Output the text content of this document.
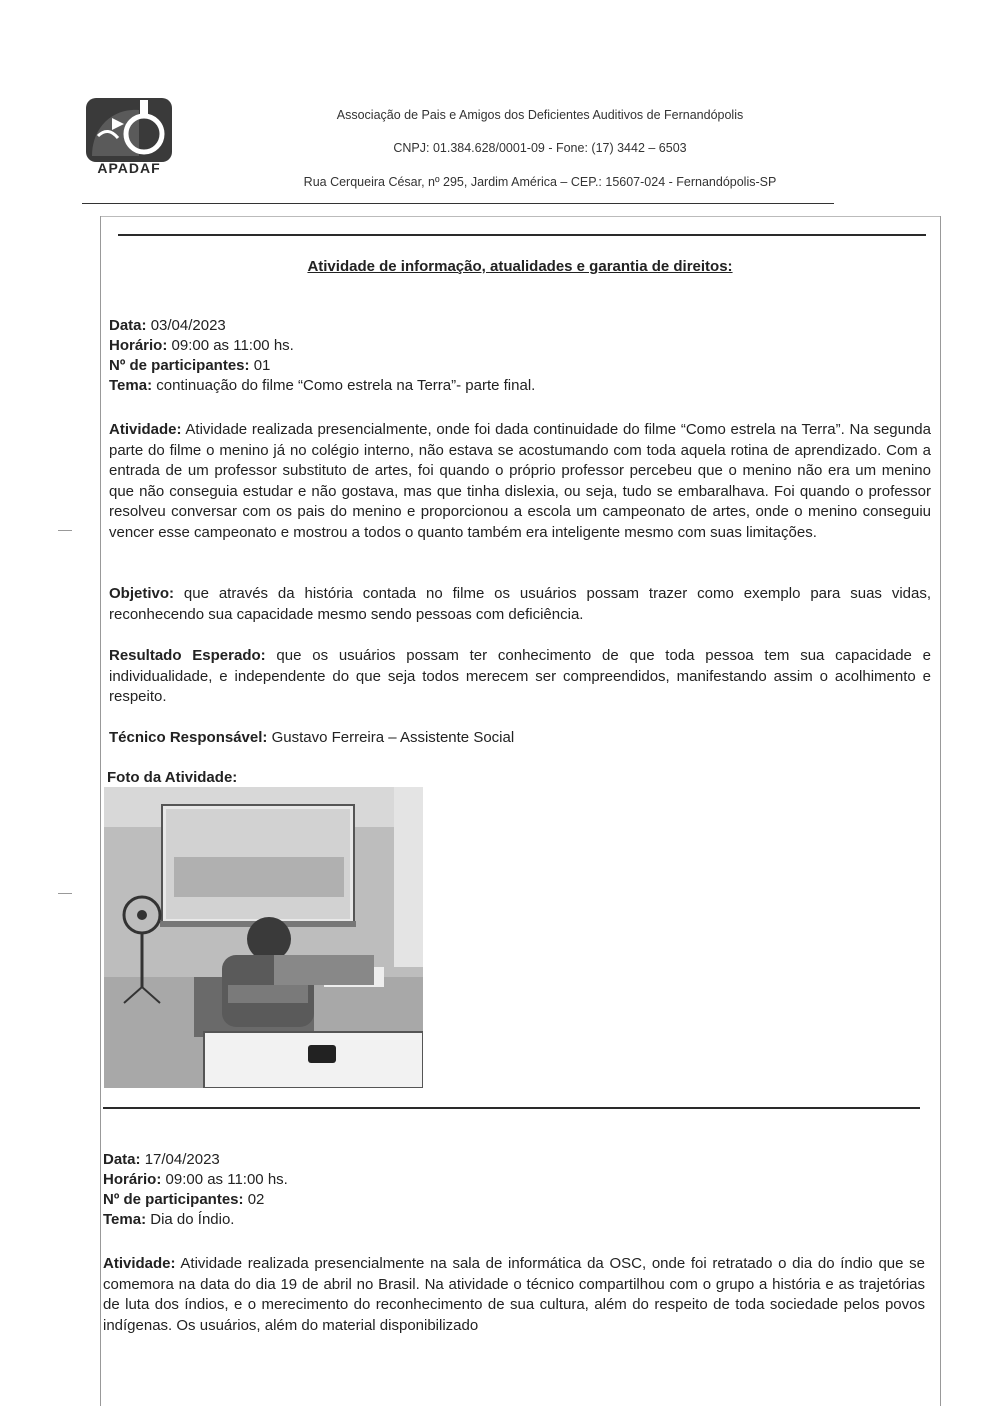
APADAF
Associação de Pais e Amigos dos Deficientes Auditivos de Fernandópolis
CNPJ: 01.384.628/0001-09 - Fone: (17) 3442 – 6503
Rua Cerqueira César, nº 295, Jardim América – CEP.: 15607-024 - Fernandópolis-SP
Atividade de informação, atualidades e garantia de direitos:
Data: 03/04/2023
Horário: 09:00 as 11:00 hs.
Nº de participantes: 01
Tema: continuação do filme “Como estrela na Terra”- parte final.
Atividade: Atividade realizada presencialmente, onde foi dada continuidade do filme “Como estrela na Terra”. Na segunda parte do filme o menino já no colégio interno, não estava se acostumando com toda aquela rotina de aprendizado. Com a entrada de um professor substituto de artes, foi quando o próprio professor percebeu que o menino não era um menino que não conseguia estudar e não gostava, mas que tinha dislexia, ou seja, tudo se embaralhava. Foi quando o professor resolveu conversar com os pais do menino e proporcionou a escola um campeonato de artes, onde o menino conseguiu vencer esse campeonato e mostrou a todos o quanto também era inteligente mesmo com suas limitações.
Objetivo: que através da história contada no filme os usuários possam trazer como exemplo para suas vidas, reconhecendo sua capacidade mesmo sendo pessoas com deficiência.
Resultado Esperado: que os usuários possam ter conhecimento de que toda pessoa tem sua capacidade e individualidade, e independente do que seja todos merecem ser compreendidos, manifestando assim o acolhimento e respeito.
Técnico Responsável: Gustavo Ferreira – Assistente Social
Foto da Atividade:
Data: 17/04/2023
Horário: 09:00 as 11:00 hs.
Nº de participantes: 02
Tema: Dia do Índio.
Atividade: Atividade realizada presencialmente na sala de informática da OSC, onde foi retratado o dia do índio que se comemora na data do dia 19 de abril no Brasil. Na atividade o técnico compartilhou com o grupo a história e as trajetórias de luta dos índios, e o merecimento do reconhecimento de sua cultura, além do respeito de toda sociedade pelos povos indígenas. Os usuários, além do material disponibilizado
